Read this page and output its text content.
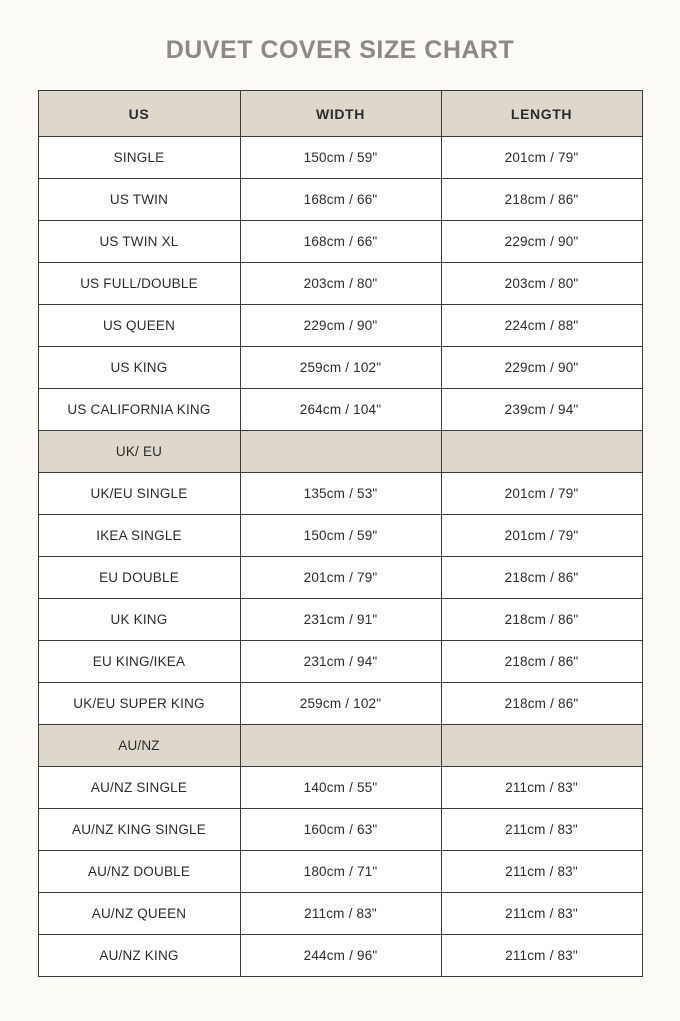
DUVET COVER SIZE CHART
US	WIDTH	LENGTH
SINGLE	150cm / 59"	201cm / 79"
US TWIN	168cm / 66"	218cm / 86"
US TWIN XL	168cm / 66"	229cm / 90"
US FULL/DOUBLE	203cm / 80"	203cm / 80"
US QUEEN	229cm / 90"	224cm / 88"
US KING	259cm / 102"	229cm / 90"
US CALIFORNIA KING	264cm / 104"	239cm / 94"
UK/ EU		
UK/EU SINGLE	135cm / 53"	201cm / 79"
IKEA SINGLE	150cm / 59"	201cm / 79"
EU DOUBLE	201cm / 79"	218cm / 86"
UK KING	231cm / 91"	218cm / 86"
EU KING/IKEA	231cm / 94"	218cm / 86"
UK/EU SUPER KING	259cm / 102"	218cm / 86"
AU/NZ		
AU/NZ SINGLE	140cm / 55"	211cm / 83"
AU/NZ KING SINGLE	160cm / 63"	211cm / 83"
AU/NZ DOUBLE	180cm / 71"	211cm / 83"
AU/NZ QUEEN	211cm / 83"	211cm / 83"
AU/NZ KING	244cm / 96"	211cm / 83"
